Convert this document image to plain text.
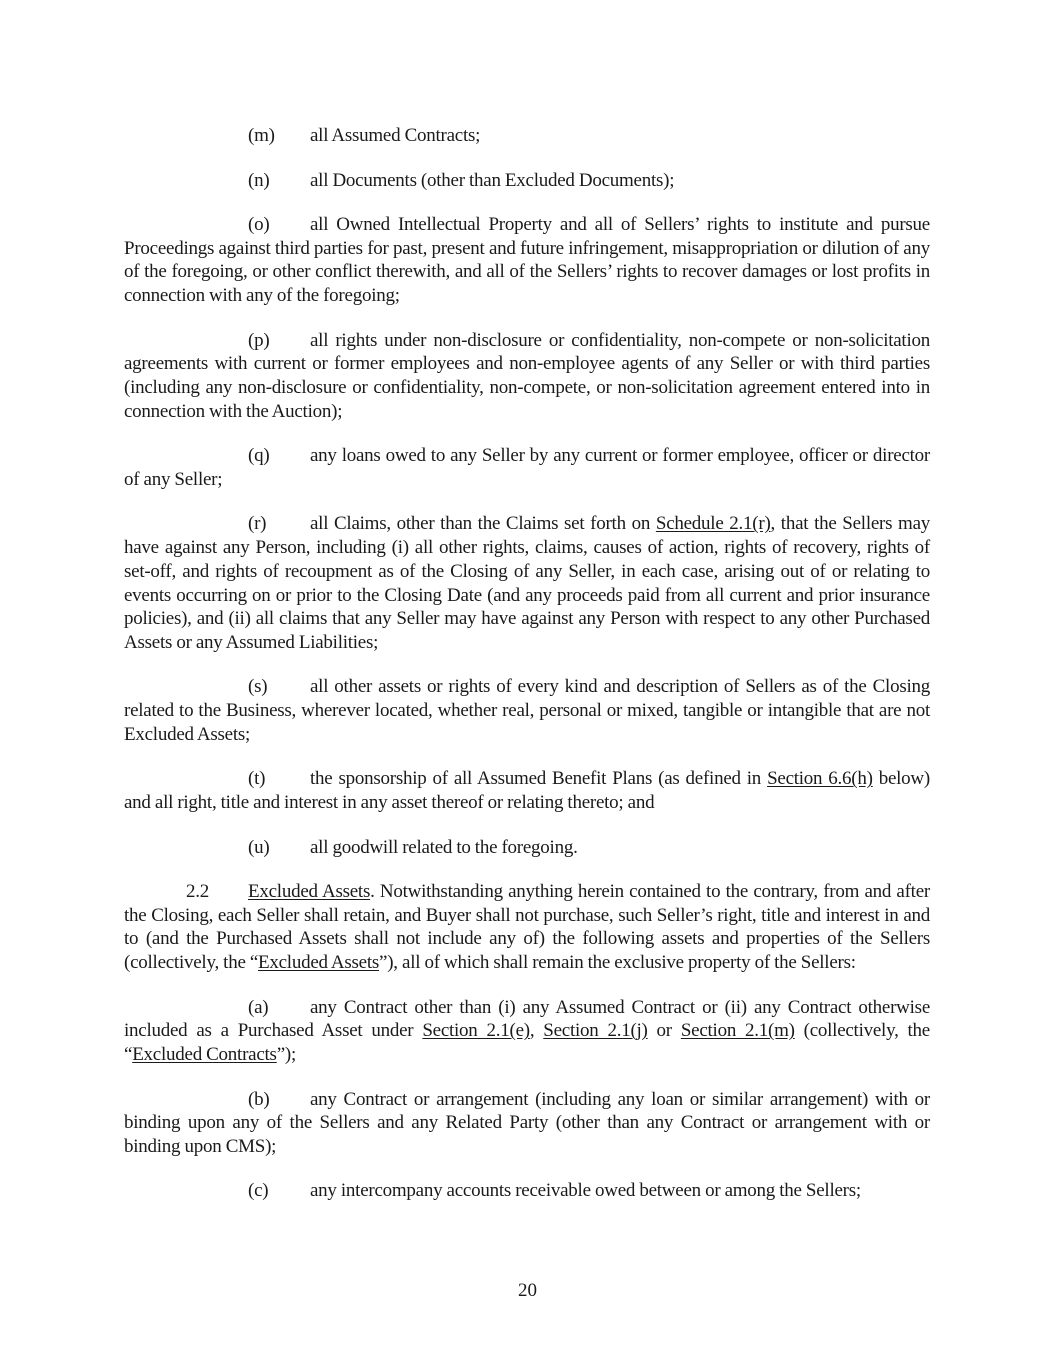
(m) all Assumed Contracts;

(n) all Documents (other than Excluded Documents);

(o) all Owned Intellectual Property and all of Sellers’ rights to institute and pursue Proceedings against third parties for past, present and future infringement, misappropriation or dilution of any of the foregoing, or other conflict therewith, and all of the Sellers’ rights to recover damages or lost profits in connection with any of the foregoing;

(p) all rights under non-disclosure or confidentiality, non-compete or non-solicitation agreements with current or former employees and non-employee agents of any Seller or with third parties (including any non-disclosure or confidentiality, non-compete, or non-solicitation agreement entered into in connection with the Auction);

(q) any loans owed to any Seller by any current or former employee, officer or director of any Seller;

(r) all Claims, other than the Claims set forth on Schedule 2.1(r), that the Sellers may have against any Person, including (i) all other rights, claims, causes of action, rights of recovery, rights of set-off, and rights of recoupment as of the Closing of any Seller, in each case, arising out of or relating to events occurring on or prior to the Closing Date (and any proceeds paid from all current and prior insurance policies), and (ii) all claims that any Seller may have against any Person with respect to any other Purchased Assets or any Assumed Liabilities;

(s) all other assets or rights of every kind and description of Sellers as of the Closing related to the Business, wherever located, whether real, personal or mixed, tangible or intangible that are not Excluded Assets;

(t) the sponsorship of all Assumed Benefit Plans (as defined in Section 6.6(h) below) and all right, title and interest in any asset thereof or relating thereto; and

(u) all goodwill related to the foregoing.

2.2 Excluded Assets. Notwithstanding anything herein contained to the contrary, from and after the Closing, each Seller shall retain, and Buyer shall not purchase, such Seller’s right, title and interest in and to (and the Purchased Assets shall not include any of) the following assets and properties of the Sellers (collectively, the “Excluded Assets”), all of which shall remain the exclusive property of the Sellers:

(a) any Contract other than (i) any Assumed Contract or (ii) any Contract otherwise included as a Purchased Asset under Section 2.1(e), Section 2.1(j) or Section 2.1(m) (collectively, the “Excluded Contracts”);

(b) any Contract or arrangement (including any loan or similar arrangement) with or binding upon any of the Sellers and any Related Party (other than any Contract or arrangement with or binding upon CMS);

(c) any intercompany accounts receivable owed between or among the Sellers;

20
